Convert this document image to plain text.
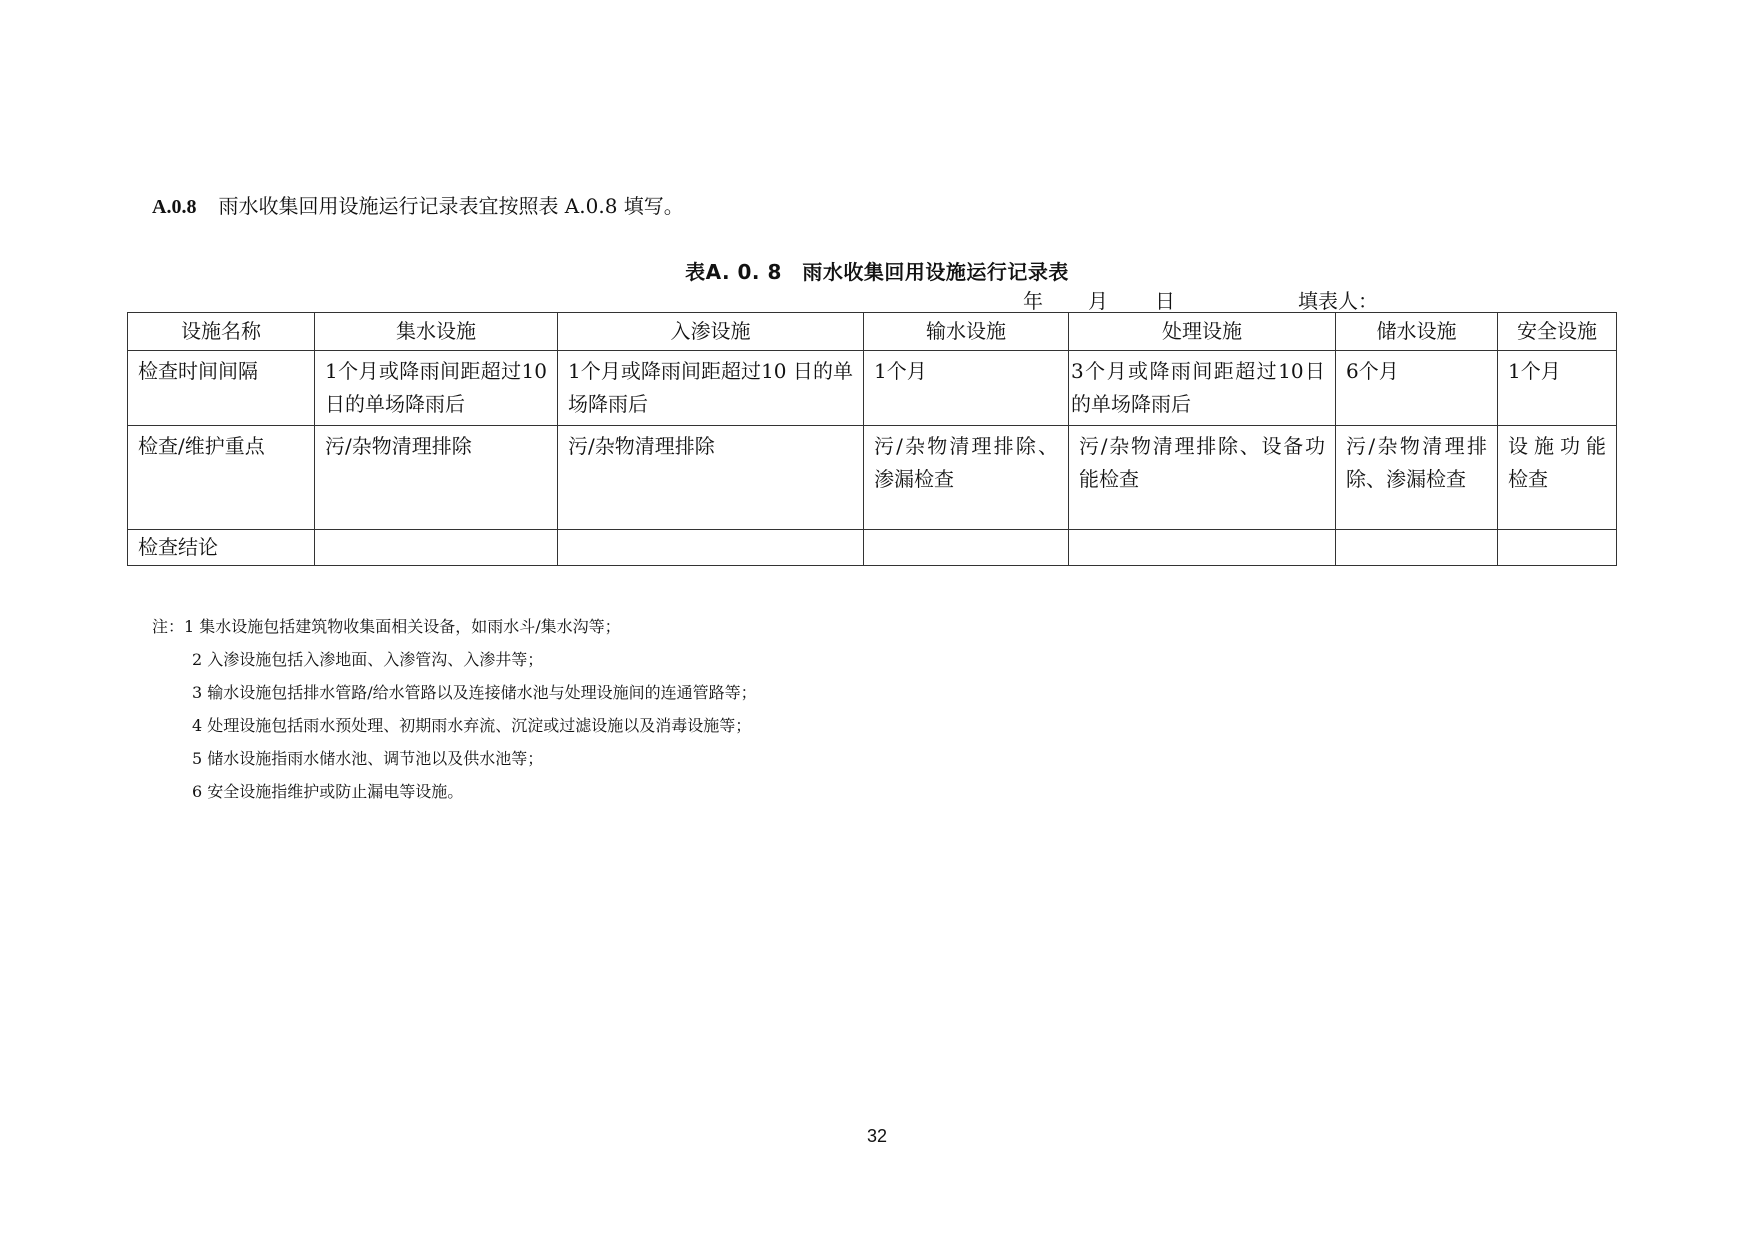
A.0.8 雨水收集回用设施运行记录表宜按照表 A.0.8 填写。
表A. 0. 8　雨水收集回用设施运行记录表
年 月 日	填表人：
设施名称	集水设施	入渗设施	输水设施	处理设施	储水设施	安全设施
检查时间间隔	1个月或降雨间距超过10 日的单场降雨后	1个月或降雨间距超过10 日的单场降雨后	1个月	3个月或降雨间距超过10日的单场降雨后	6个月	1个月
检查/维护重点	污/杂物清理排除	污/杂物清理排除	污/杂物清理排除、渗漏检查	污/杂物清理排除、设备功能检查	污/杂物清理排除、渗漏检查	设施功能检查
检查结论						
注：1 集水设施包括建筑物收集面相关设备，如雨水斗/集水沟等；
2 入渗设施包括入渗地面、入渗管沟、入渗井等；
3 输水设施包括排水管路/给水管路以及连接储水池与处理设施间的连通管路等；
4 处理设施包括雨水预处理、初期雨水弃流、沉淀或过滤设施以及消毒设施等；
5 储水设施指雨水储水池、调节池以及供水池等；
6 安全设施指维护或防止漏电等设施。
32
